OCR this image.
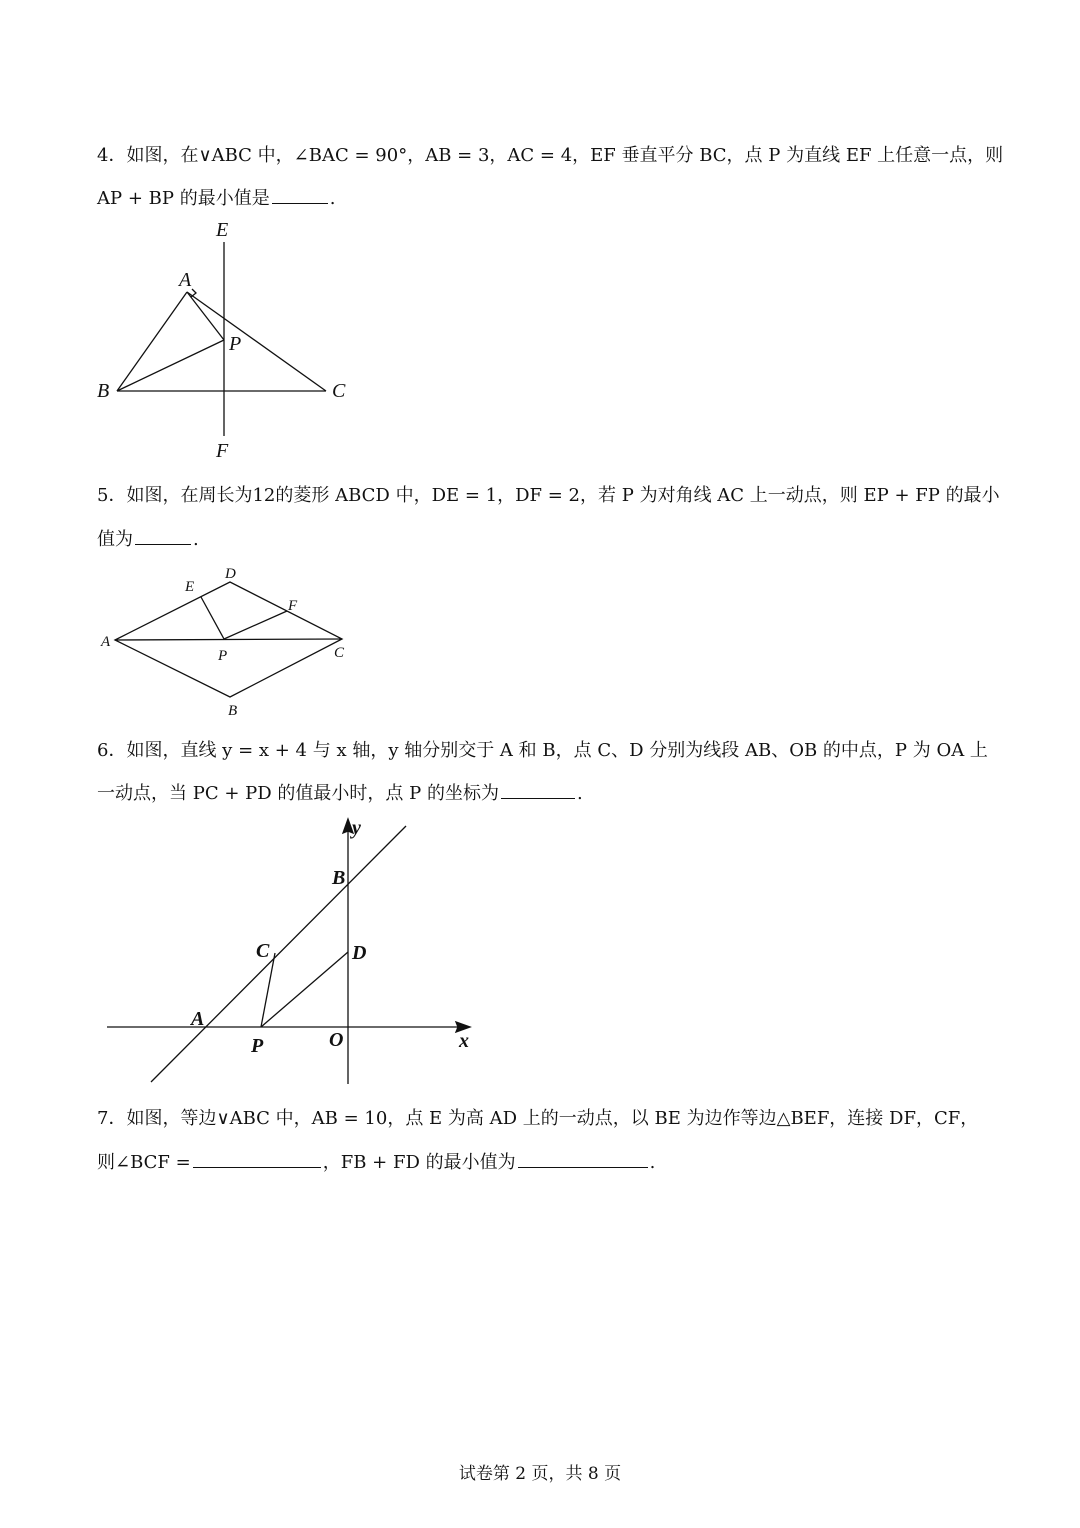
4．如图，在∨ABC 中，∠BAC = 90°，AB = 3，AC = 4，EF 垂直平分 BC，点 P 为直线 EF 上任意一点，则
AP + BP 的最小值是	.
E
A
P
B	C
F
5．如图，在周长为12的菱形 ABCD 中，DE = 1，DF = 2，若 P 为对角线 AC 上一动点，则 EP + FP 的最小
值为	.
E
D
F
A
P	C
B
6．如图，直线 y = x + 4 与 x 轴，y 轴分别交于 A 和 B，点 C、D 分别为线段 AB、OB 的中点，P 为 OA 上
一动点，当 PC + PD 的值最小时，点 P 的坐标为	.
y
B
C	D
A
P	O	x
7．如图，等边∨ABC 中，AB = 10，点 E 为高 AD 上的一动点，以 BE 为边作等边△BEF，连接 DF，CF，
则∠BCF =	，FB + FD 的最小值为	.
试卷第 2 页，共 8 页
